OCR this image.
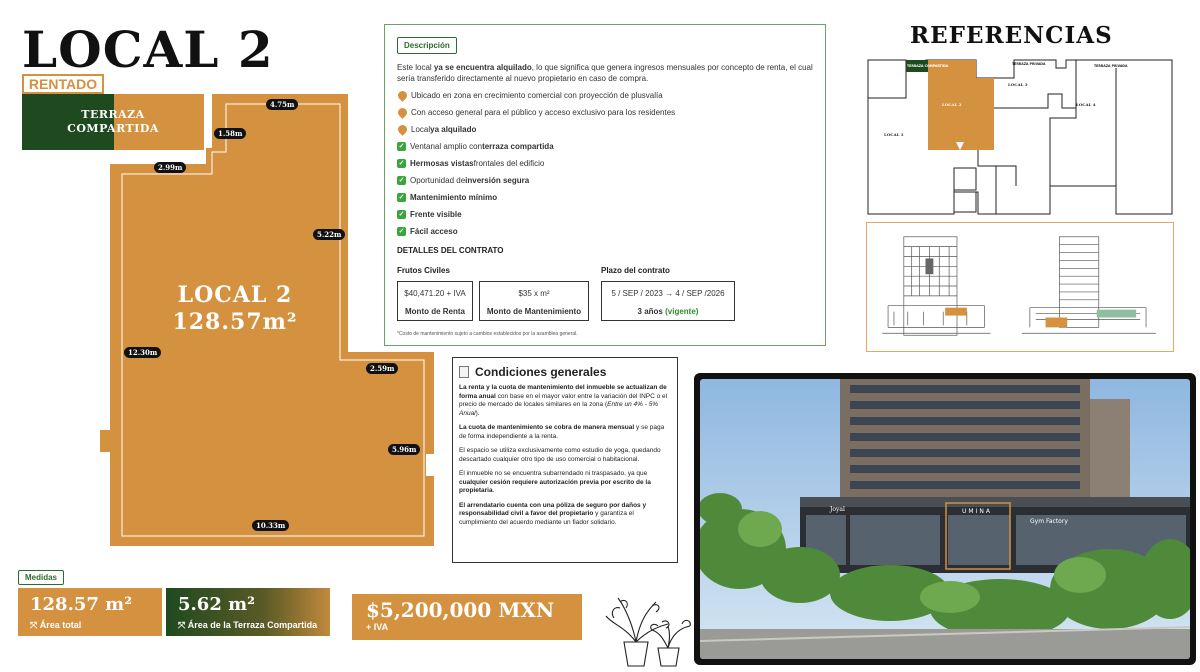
LOCAL 2
RENTADO
TERRAZA
COMPARTIDA
LOCAL 2
128.57m²
4.75m
1.58m
2.99m
5.22m
12.30m
2.59m
5.96m
10.33m
Medidas
128.57 m²
⤧ Área total
5.62 m²
⤧ Área de la Terraza Compartida
$5,200,000 MXN
+ IVA
Descripción
Este local ya se encuentra alquilado, lo que significa que genera ingresos mensuales por concepto de renta, el cual sería transferido directamente al nuevo propietario en caso de compra.
Ubicado en zona en crecimiento comercial con proyección de plusvalía
Con acceso general para el público y acceso exclusivo para los residentes
Local ya alquilado
✓
Ventanal amplio con terraza compartida
✓
Hermosas vistas frontales del edificio
✓
Oportunidad de inversión segura
✓
Mantenimiento mínimo
✓
Frente visible
✓
Fácil acceso
DETALLES DEL CONTRATO
Frutos Civiles	Plazo del contrato
$40,471.20 + IVA
Monto de Renta
$35 x m²
Monto de Mantenimiento
5 / SEP / 2023 → 4 / SEP /2026
3 años (vigente)
*Costo de mantenimiento sujeto a cambios establecidos por la asamblea general.
Condiciones generales

La renta y la cuota de mantenimiento del inmueble se actualizan de forma anual con base en el mayor valor entre la variación del INPC o el precio de mercado de locales similares en la zona (Entre un 4% - 5% Anual).

La cuota de mantenimiento se cobra de manera mensual y se paga de forma independiente a la renta.

El espacio se utiliza exclusivamente como estudio de yoga, quedando descartado cualquier otro tipo de uso comercial o habitacional.

El inmueble no se encuentra subarrendado ni traspasado, ya que cualquier cesión requiere autorización previa por escrito de la propietaria.

El arrendatario cuenta con una póliza de seguro por daños y responsabilidad civil a favor del propietario y garantiza el cumplimiento del acuerdo mediante un fiador solidario.

REFERENCIAS
TERRAZA COMPARTIDA	TERRAZA PRIVADA	TERRAZA PRIVADA
LOCAL 1
LOCAL 2
LOCAL 3
LOCAL 4
Joyal	UMINA
Gym Factory
